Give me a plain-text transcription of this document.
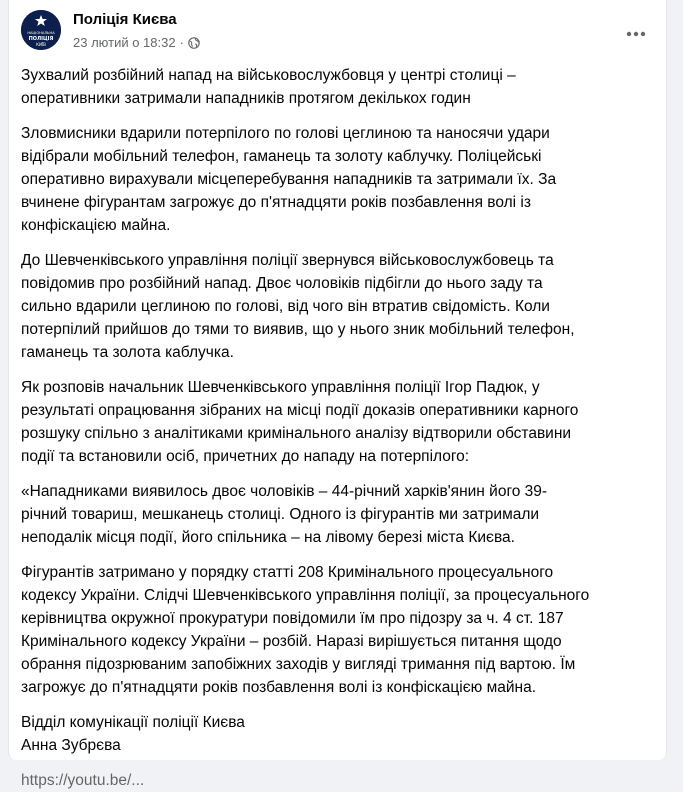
НАЦІОНАЛЬНА
ПОЛІЦІЯ
КИЇВ
Поліція Києва
23 лютий о 18:32 ·

Зухвалий розбійний напад на військовослужбовця у центрі столиці –
оперативники затримали нападників протягом декількох годин

Зловмисники вдарили потерпілого по голові цеглиною та наносячи удари
відібрали мобільний телефон, гаманець та золоту каблучку. Поліцейські
оперативно вирахували місцеперебування нападників та затримали їх. За
вчинене фігурантам загрожує до п'ятнадцяти років позбавлення волі із
конфіскацією майна.

До Шевченківського управління поліції звернувся військовослужбовець та
повідомив про розбійний напад. Двоє чоловіків підбігли до нього заду та
сильно вдарили цеглиною по голові, від чого він втратив свідомість. Коли
потерпілий прийшов до тями то виявив, що у нього зник мобільний телефон,
гаманець та золота каблучка.

Як розповів начальник Шевченківського управління поліції Ігор Падюк, у
результаті опрацювання зібраних на місці події доказів оперативники карного
розшуку спільно з аналітиками кримінального аналізу відтворили обставини
події та встановили осіб, причетних до нападу на потерпілого:

«Нападниками виявилось двоє чоловіків – 44-річний харків'янин його 39-
річний товариш, мешканець столиці. Одного із фігурантів ми затримали
неподалік місця події, його спільника – на лівому березі міста Києва.

Фігурантів затримано у порядку статті 208 Кримінального процесуального
кодексу України. Слідчі Шевченківського управління поліції, за процесуального
керівництва окружної прокуратури повідомили їм про підозру за ч. 4 ст. 187
Кримінального кодексу України – розбій. Наразі вирішується питання щодо
обрання підозрюваним запобіжних заходів у вигляді тримання під вартою. Їм
загрожує до п'ятнадцяти років позбавлення волі із конфіскацією майна.

Відділ комунікації поліції Києва

Анна Зубрєва

https://youtu.be/...
